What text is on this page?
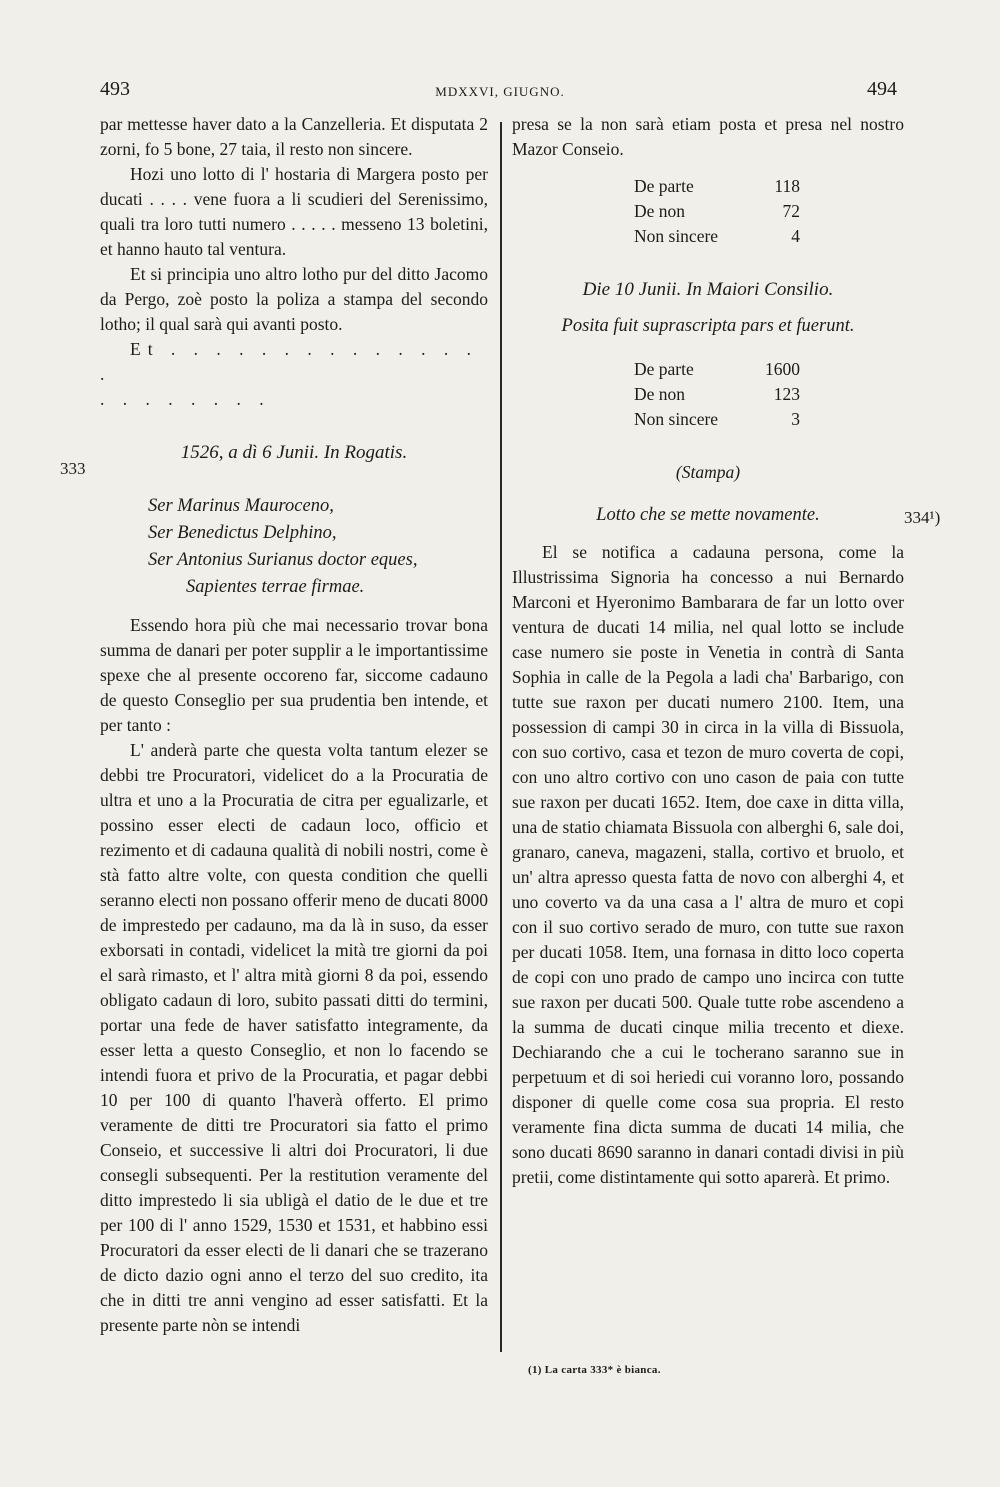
493	MDXXVI, GIUGNO.	494
333
334¹)

par mettesse haver dato a la Canzelleria. Et disputata 2 zorni, fo 5 bone, 27 taia, il resto non sincere.

Hozi uno lotto di l' hostaria di Margera posto per ducati . . . . vene fuora a li scudieri del Serenissimo, quali tra loro tutti numero . . . . . messeno 13 boletini, et hanno hauto tal ventura.

Et si principia uno altro lotho pur del ditto Jacomo da Pergo, zoè posto la poliza a stampa del secondo lotho; il qual sarà qui avanti posto.

Et . . . . . . . . . . . . . . .

. . . . . . . .

1526, a dì 6 Junii. In Rogatis.

Ser Marinus Mauroceno,
Ser Benedictus Delphino,
Ser Antonius Surianus doctor eques,
Sapientes terrae firmae.

Essendo hora più che mai necessario trovar bona summa de danari per poter supplir a le importantissime spexe che al presente occoreno far, siccome cadauno de questo Conseglio per sua prudentia ben intende, et per tanto :

L' anderà parte che questa volta tantum elezer se debbi tre Procuratori, videlicet do a la Procuratia de ultra et uno a la Procuratia de citra per egualizarle, et possino esser electi de cadaun loco, officio et rezimento et di cadauna qualità di nobili nostri, come è stà fatto altre volte, con questa condition che quelli seranno electi non possano offerir meno de ducati 8000 de imprestedo per cadauno, ma da là in suso, da esser exborsati in contadi, videlicet la mità tre giorni da poi el sarà rimasto, et l' altra mità giorni 8 da poi, essendo obligato cadaun di loro, subito passati ditti do termini, portar una fede de haver satisfatto integramente, da esser letta a questo Conseglio, et non lo facendo se intendi fuora et privo de la Procuratia, et pagar debbi 10 per 100 di quanto l'haverà offerto. El primo veramente de ditti tre Procuratori sia fatto el primo Conseio, et successive li altri doi Procuratori, li due consegli subsequenti. Per la restitution veramente del ditto imprestedo li sia ubligà el datio de le due et tre per 100 di l' anno 1529, 1530 et 1531, et habbino essi Procuratori da esser electi de li danari che se trazerano de dicto dazio ogni anno el terzo del suo credito, ita che in ditti tre anni vengino ad esser satisfatti. Et la presente parte nòn se intendi

presa se la non sarà etiam posta et presa nel nostro Mazor Conseio.

De parte	118
De non	72
Non sincere	4

Die 10 Junii. In Maiori Consilio.

Posita fuit suprascripta pars et fuerunt.

De parte	1600
De non	123
Non sincere	3

(Stampa)

Lotto che se mette novamente.

El se notifica a cadauna persona, come la Illustrissima Signoria ha concesso a nui Bernardo Marconi et Hyeronimo Bambarara de far un lotto over ventura de ducati 14 milia, nel qual lotto se include case numero sie poste in Venetia in contrà di Santa Sophia in calle de la Pegola a ladi cha' Barbarigo, con tutte sue raxon per ducati numero 2100. Item, una possession di campi 30 in circa in la villa di Bissuola, con suo cortivo, casa et tezon de muro coverta de copi, con uno altro cortivo con uno cason de paia con tutte sue raxon per ducati 1652. Item, doe caxe in ditta villa, una de statio chiamata Bissuola con alberghi 6, sale doi, granaro, caneva, magazeni, stalla, cortivo et bruolo, et un' altra apresso questa fatta de novo con alberghi 4, et uno coverto va da una casa a l' altra de muro et copi con il suo cortivo serado de muro, con tutte sue raxon per ducati 1058. Item, una fornasa in ditto loco coperta de copi con uno prado de campo uno incirca con tutte sue raxon per ducati 500. Quale tutte robe ascendeno a la summa de ducati cinque milia trecento et diexe. Dechiarando che a cui le tocherano saranno sue in perpetuum et di soi heriedi cui voranno loro, possando disponer di quelle come cosa sua propria. El resto veramente fina dicta summa de ducati 14 milia, che sono ducati 8690 saranno in danari contadi divisi in più pretii, come distintamente qui sotto aparerà. Et primo.

(1) La carta 333* è bianca.
